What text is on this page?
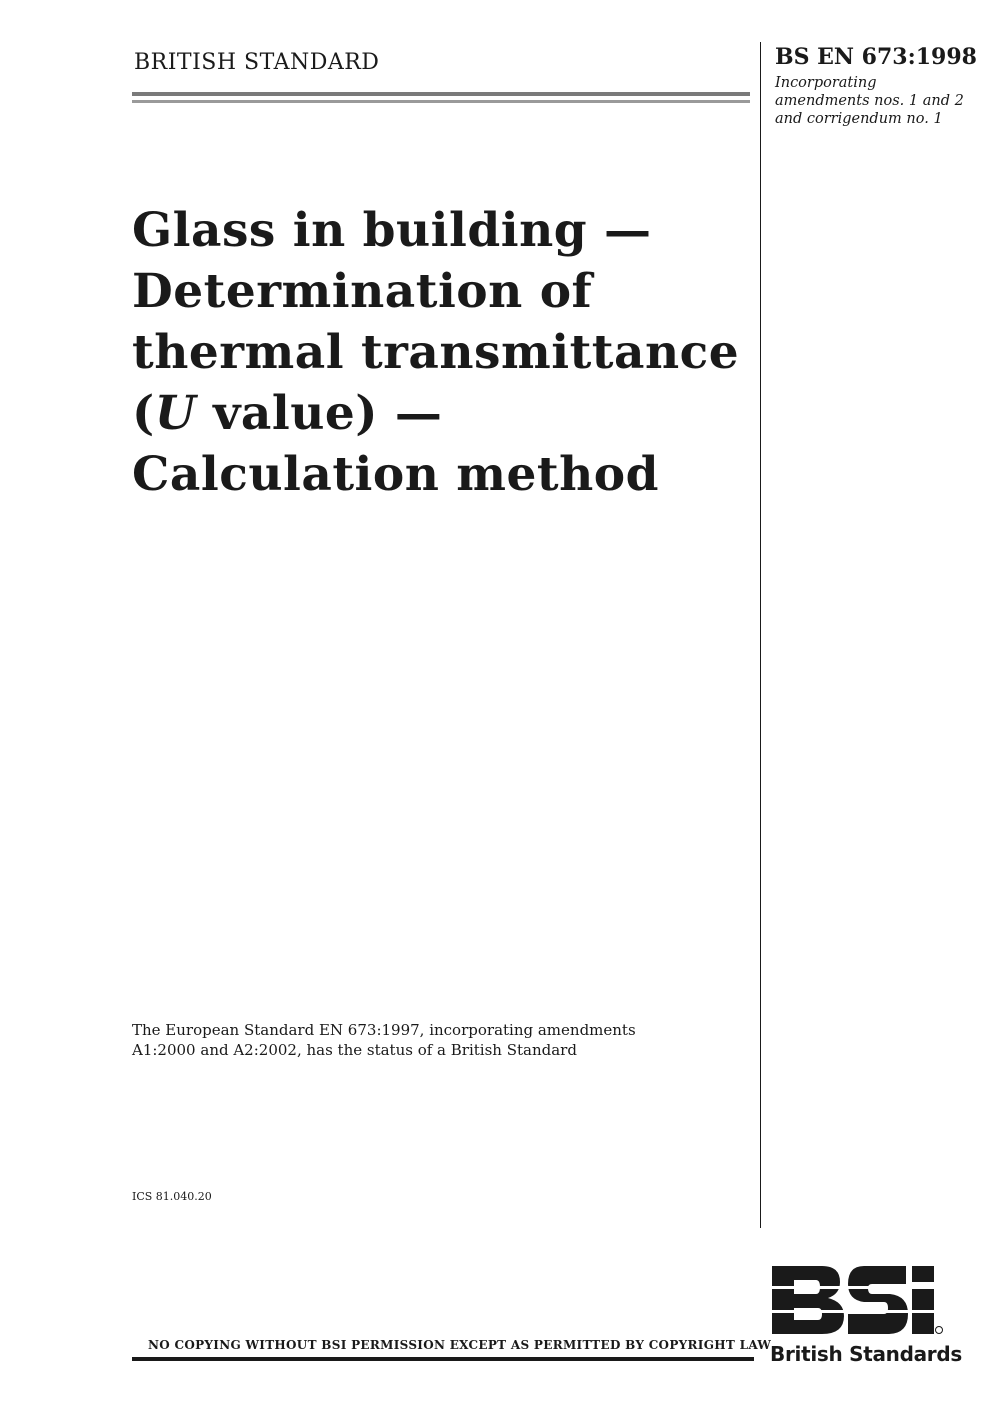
BRITISH STANDARD	BS EN 673:1998
Incorporating amendments nos. 1 and 2 and corrigendum no. 1
Glass in building —
Determination of
thermal transmittance
(U value) —
Calculation method
The European Standard EN 673:1997, incorporating amendments
A1:2000 and A2:2002, has the status of a British Standard
ICS 81.040.20
NO COPYING WITHOUT BSI PERMISSION EXCEPT AS PERMITTED BY COPYRIGHT LAW
British Standards
